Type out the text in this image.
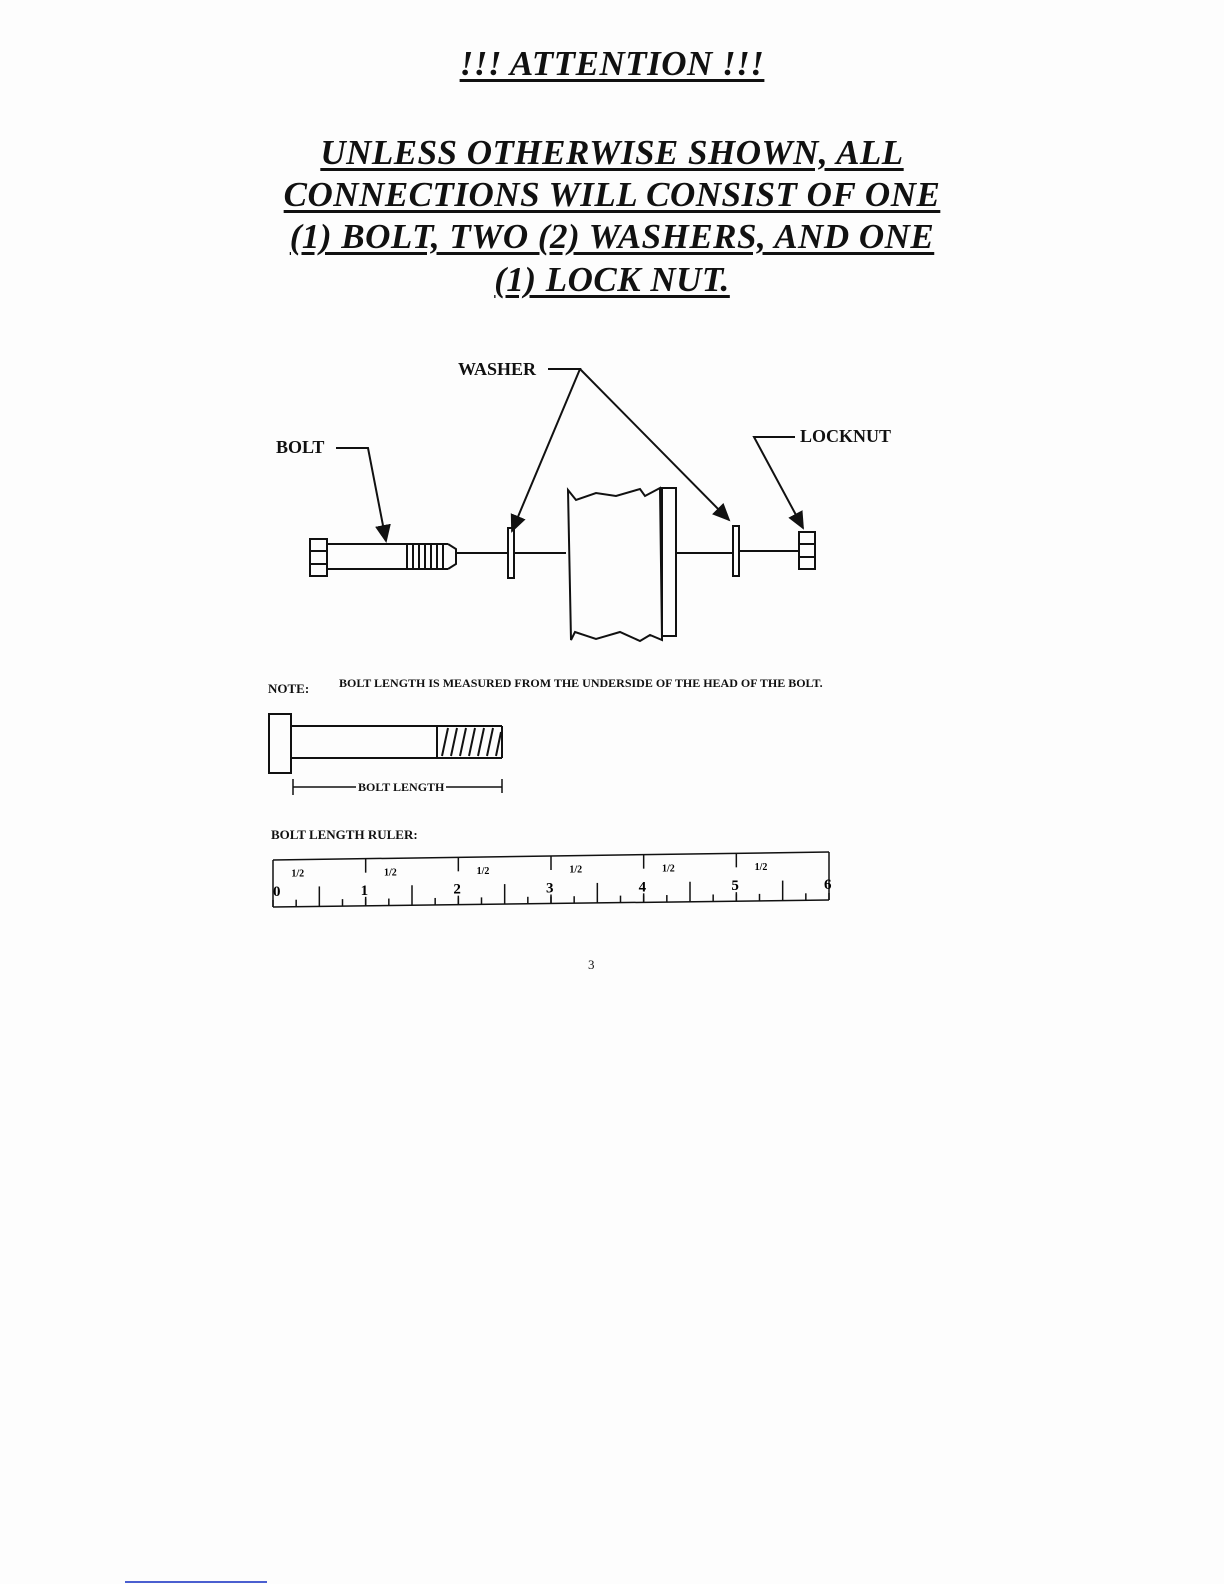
!!! ATTENTION !!!
UNLESS OTHERWISE SHOWN, ALL
CONNECTIONS WILL CONSIST OF ONE
(1) BOLT, TWO (2) WASHERS, AND ONE
(1) LOCK NUT.
WASHER
BOLT
LOCKNUT
NOTE: BOLT LENGTH IS MEASURED FROM THE UNDERSIDE OF THE HEAD OF THE BOLT.
BOLT LENGTH
BOLT LENGTH RULER:
0
1/2
1
1/2
2
1/2
3
1/2
4
1/2
5
1/2
6
3
